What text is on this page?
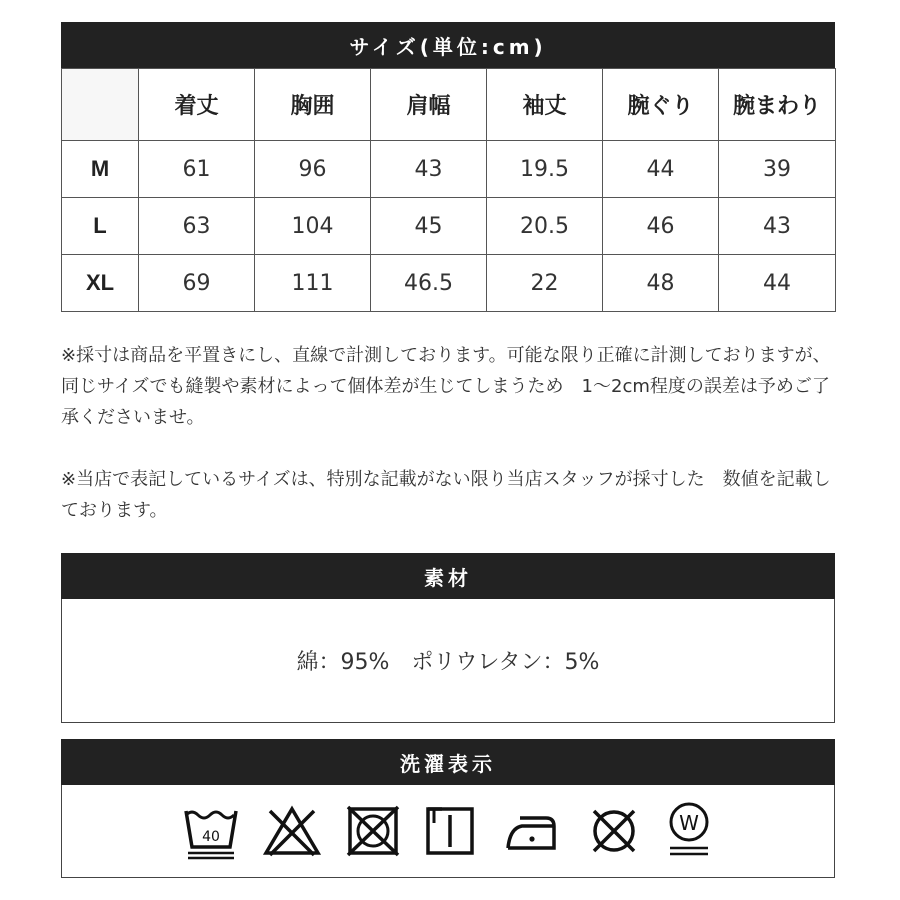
サイズ(単位:cm)
	着丈	胸囲	肩幅	袖丈	腕ぐり	腕まわり
M	61	96	43	19.5	44	39
L	63	104	45	20.5	46	43
XL	69	111	46.5	22	48	44

※採寸は商品を平置きにし、直線で計測しております。可能な限り正確に計測しておりますが、同じサイズでも縫製や素材によって個体差が生じてしまうため　1〜2cm程度の誤差は予めご了承くださいませ。

※当店で表記しているサイズは、特別な記載がない限り当店スタッフが採寸した　数値を記載しております。

素材
綿：95%　ポリウレタン：5%
洗濯表示
40
W
